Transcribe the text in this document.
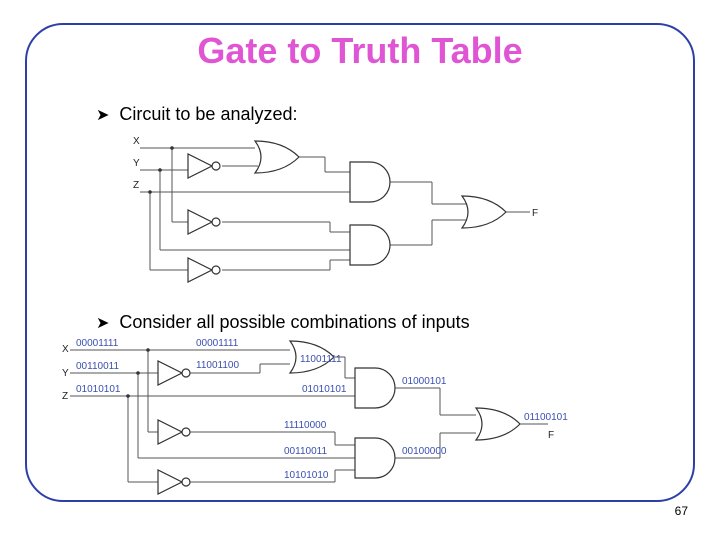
Gate to Truth Table
➤ Circuit to be analyzed:
➤ Consider all possible combinations of inputs
67
X
Y
Z
F
X
Y
Z
00001111
00110011
01010101
00001111
11001100
11001111
01010101
01000101
11110000
00110011
10101010
00100000
01100101
F
